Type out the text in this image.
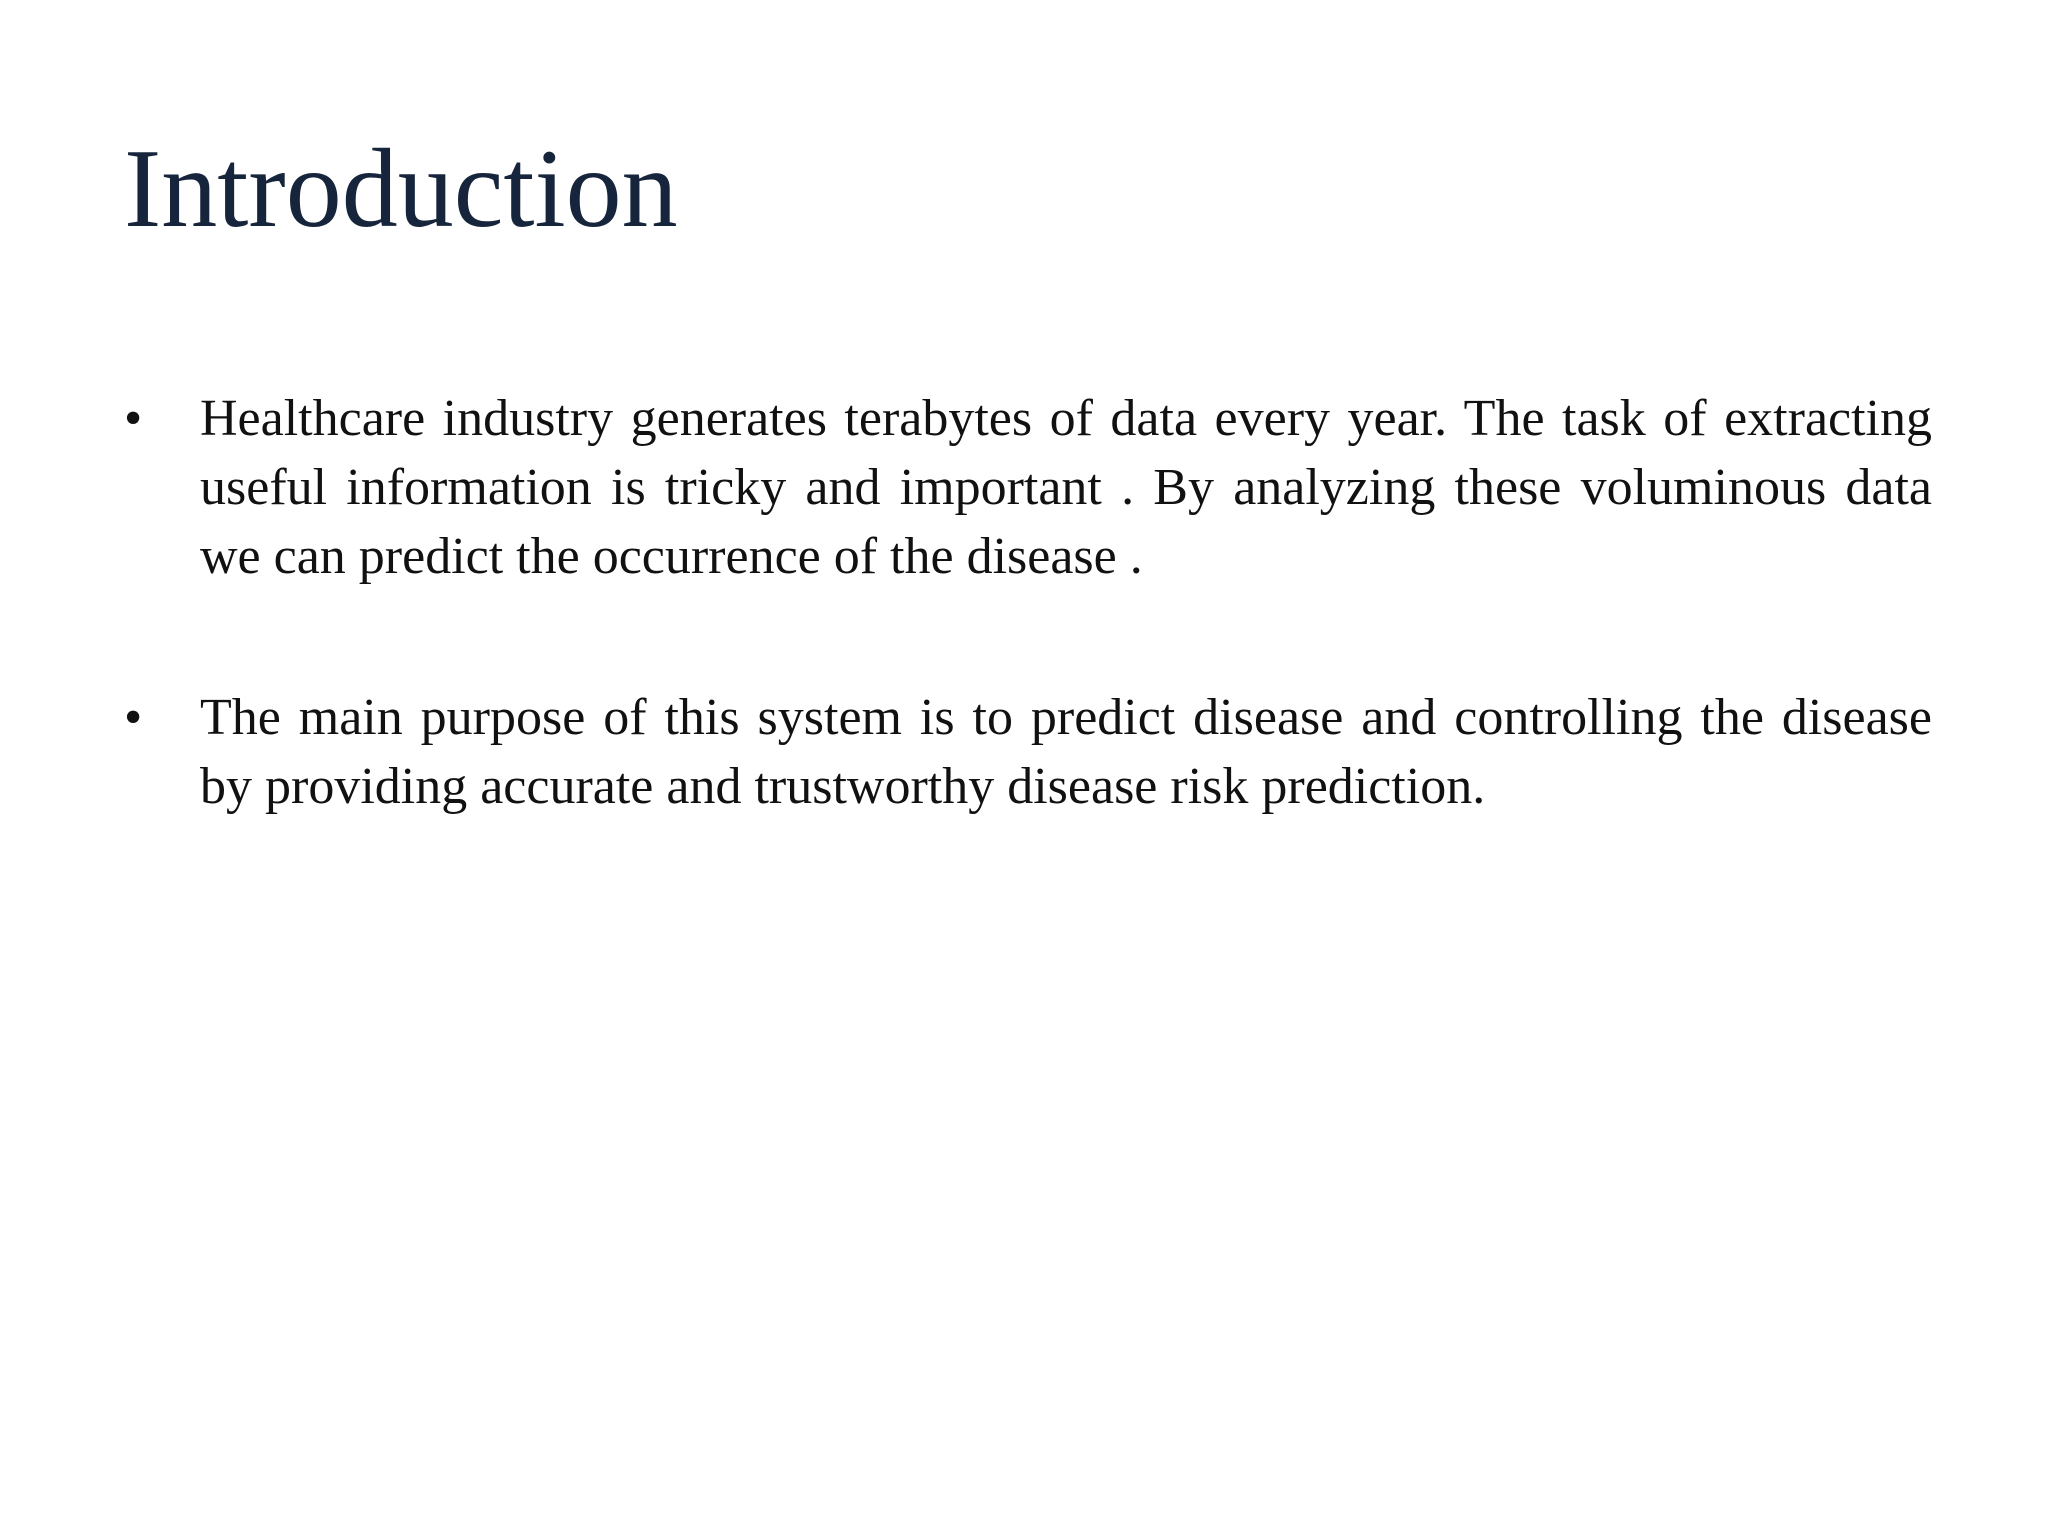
Introduction
•	Healthcare industry generates terabytes of data every year. The task of extracting useful information is tricky and important . By analyzing these voluminous data we can predict the occurrence of the disease .
•	The main purpose of this system is to predict disease and controlling the disease by providing accurate and trustworthy disease risk prediction.
